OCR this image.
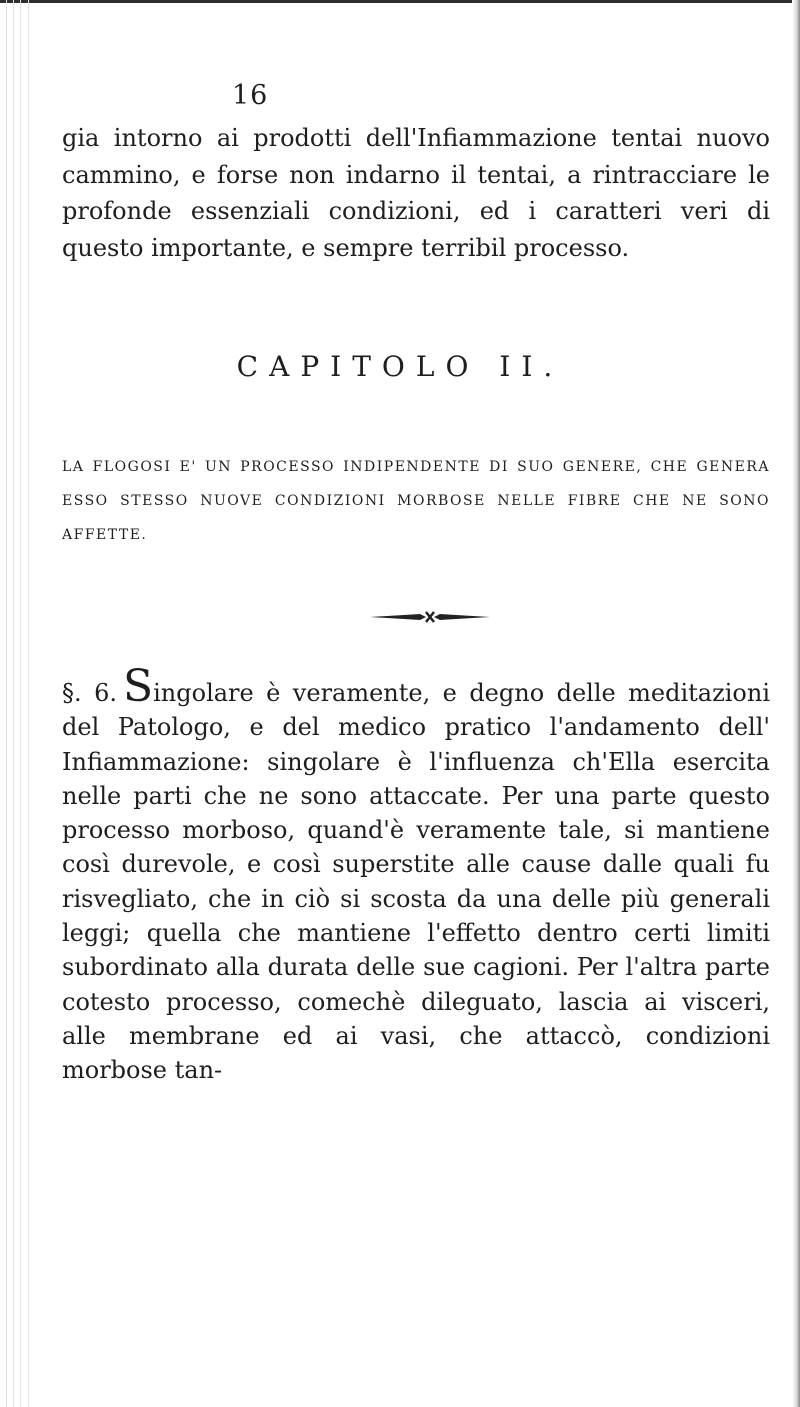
16

gia intorno ai prodotti dell'Infiammazione tentai nuovo cammino, e forse non indarno il tentai, a rintracciare le profonde essenziali condizioni, ed i caratteri veri di questo importante, e sempre terribil processo.

CAPITOLO II.
LA FLOGOSI E' UN PROCESSO INDIPENDENTE DI SUO GENERE, CHE GENERA ESSO STESSO NUOVE CONDIZIONI MORBOSE NELLE FIBRE CHE NE SONO AFFETTE.

§. 6. Singolare è veramente, e degno delle meditazioni del Patologo, e del medico pratico l'andamento dell' Infiammazione: singolare è l'influenza ch'Ella esercita nelle parti che ne sono attaccate. Per una parte questo processo morboso, quand'è veramente tale, si mantiene così durevole, e così superstite alle cause dalle quali fu risvegliato, che in ciò si scosta da una delle più generali leggi; quella che mantiene l'effetto dentro certi limiti subordinato alla durata delle sue cagioni. Per l'altra parte cotesto processo, comechè dileguato, lascia ai visceri, alle membrane ed ai vasi, che attaccò, condizioni morbose tan-
